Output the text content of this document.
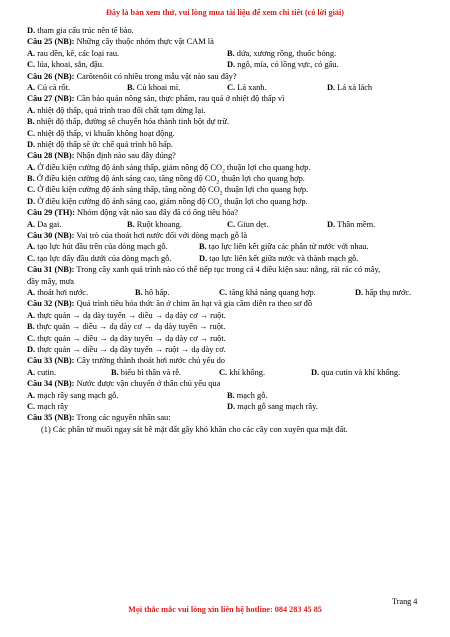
Đây là bản xem thử, vui lòng mua tài liệu để xem chi tiết (có lời giải)
D. tham gia cấu trúc nên tế bào.
Câu 25 (NB): Những cây thuộc nhóm thực vật CAM là
A. rau dền, kê, các loại rau.	B. dứa, xương rồng, thuốc bỏng.
C. lúa, khoai, sắn, đậu.	D. ngô, mía, cỏ lồng vực, cỏ gấu.
Câu 26 (NB): Carôtenôit có nhiều trong mẫu vật nào sau đây?
A. Củ cà rốt.	B. Củ khoai mì.	C. Lá xanh.	D. Lá xà lách
Câu 27 (NB): Cần bảo quản nông sản, thực phẩm, rau quả ở nhiệt độ thấp vì
A. nhiệt độ thấp, quá trình trao đổi chất tạm dừng lại.
B. nhiệt độ thấp, đường sẽ chuyển hóa thành tinh bột dự trữ.
C. nhiệt độ thấp, vi khuẩn không hoạt động.
D. nhiệt độ thấp sẽ ức chế quá trình hô hấp.
Câu 28 (NB): Nhận định nào sau đây đúng?
A. Ở điều kiện cường độ ánh sáng thấp, giảm nồng độ $CO_2$ thuận lợi cho quang hợp.
B. Ở điều kiện cường độ ánh sáng cao, tăng nồng độ $CO_2$ thuận lợi cho quang hợp.
C. Ở điều kiện cường độ ánh sáng thấp, tăng nồng độ $CO_2$ thuận lợi cho quang hợp.
D. Ở điều kiện cường độ ánh sáng cao, giảm nồng độ $CO_2$ thuận lợi cho quang hợp.
Câu 29 (TH): Nhóm động vật nào sau đây đã có ống tiêu hóa?
A. Da gai.	B. Ruột khoang.	C. Giun dẹt.	D. Thân mềm.
Câu 30 (NB): Vai trò của thoát hơi nước đối với dòng mạch gỗ là
A. tạo lực hút đầu trên của dòng mạch gỗ.	B. tạo lực liên kết giữa các phân tử nước với nhau.
C. tạo lực đẩy đầu dưới của dòng mạch gỗ.	D. tạo lực liên kết giữa nước và thành mạch gỗ.
Câu 31 (NB): Trong cây xanh quá trình nào có thể tiếp tục trong cả 4 điều kiện sau: nắng, rải rác có mây,
đầy mây, mưa
A. thoát hơi nước.	B. hô hấp.	C. tăng khả năng quang hợp.	D. hấp thụ nước.
Câu 32 (NB): Quá trình tiêu hóa thức ăn ở chim ăn hạt và gia cầm diễn ra theo sơ đồ
A. thực quản → dạ dày tuyến → diều → dạ dày cơ → ruột.
B. thực quản → diều → dạ dày cơ → dạ dày tuyến → ruột.
C. thực quản → diều → dạ dày tuyến → dạ dày cơ → ruột.
D. thực quản → diều → dạ dày tuyến → ruột → dạ dày cơ.
Câu 33 (NB): Cây trường thành thoát hơi nước chủ yếu do
A. cutin.	B. biểu bì thân và rễ.	C. khí khổng.	D. qua cutin và khí khổng.
Câu 34 (NB): Nước được vận chuyển ở thân chủ yếu qua
A. mạch rây sang mạch gỗ.	B. mạch gỗ.
C. mạch rây	D. mạch gỗ sang mạch rây.
Câu 35 (NB): Trong các nguyên nhân sau:
(1) Các phân tử muối ngay sát bề mặt đất gây khó khăn cho các cây con xuyên qua mặt đất.
Trang 4
Mọi thắc mắc vui lòng xin liên hệ hotline: 084 283 45 85
